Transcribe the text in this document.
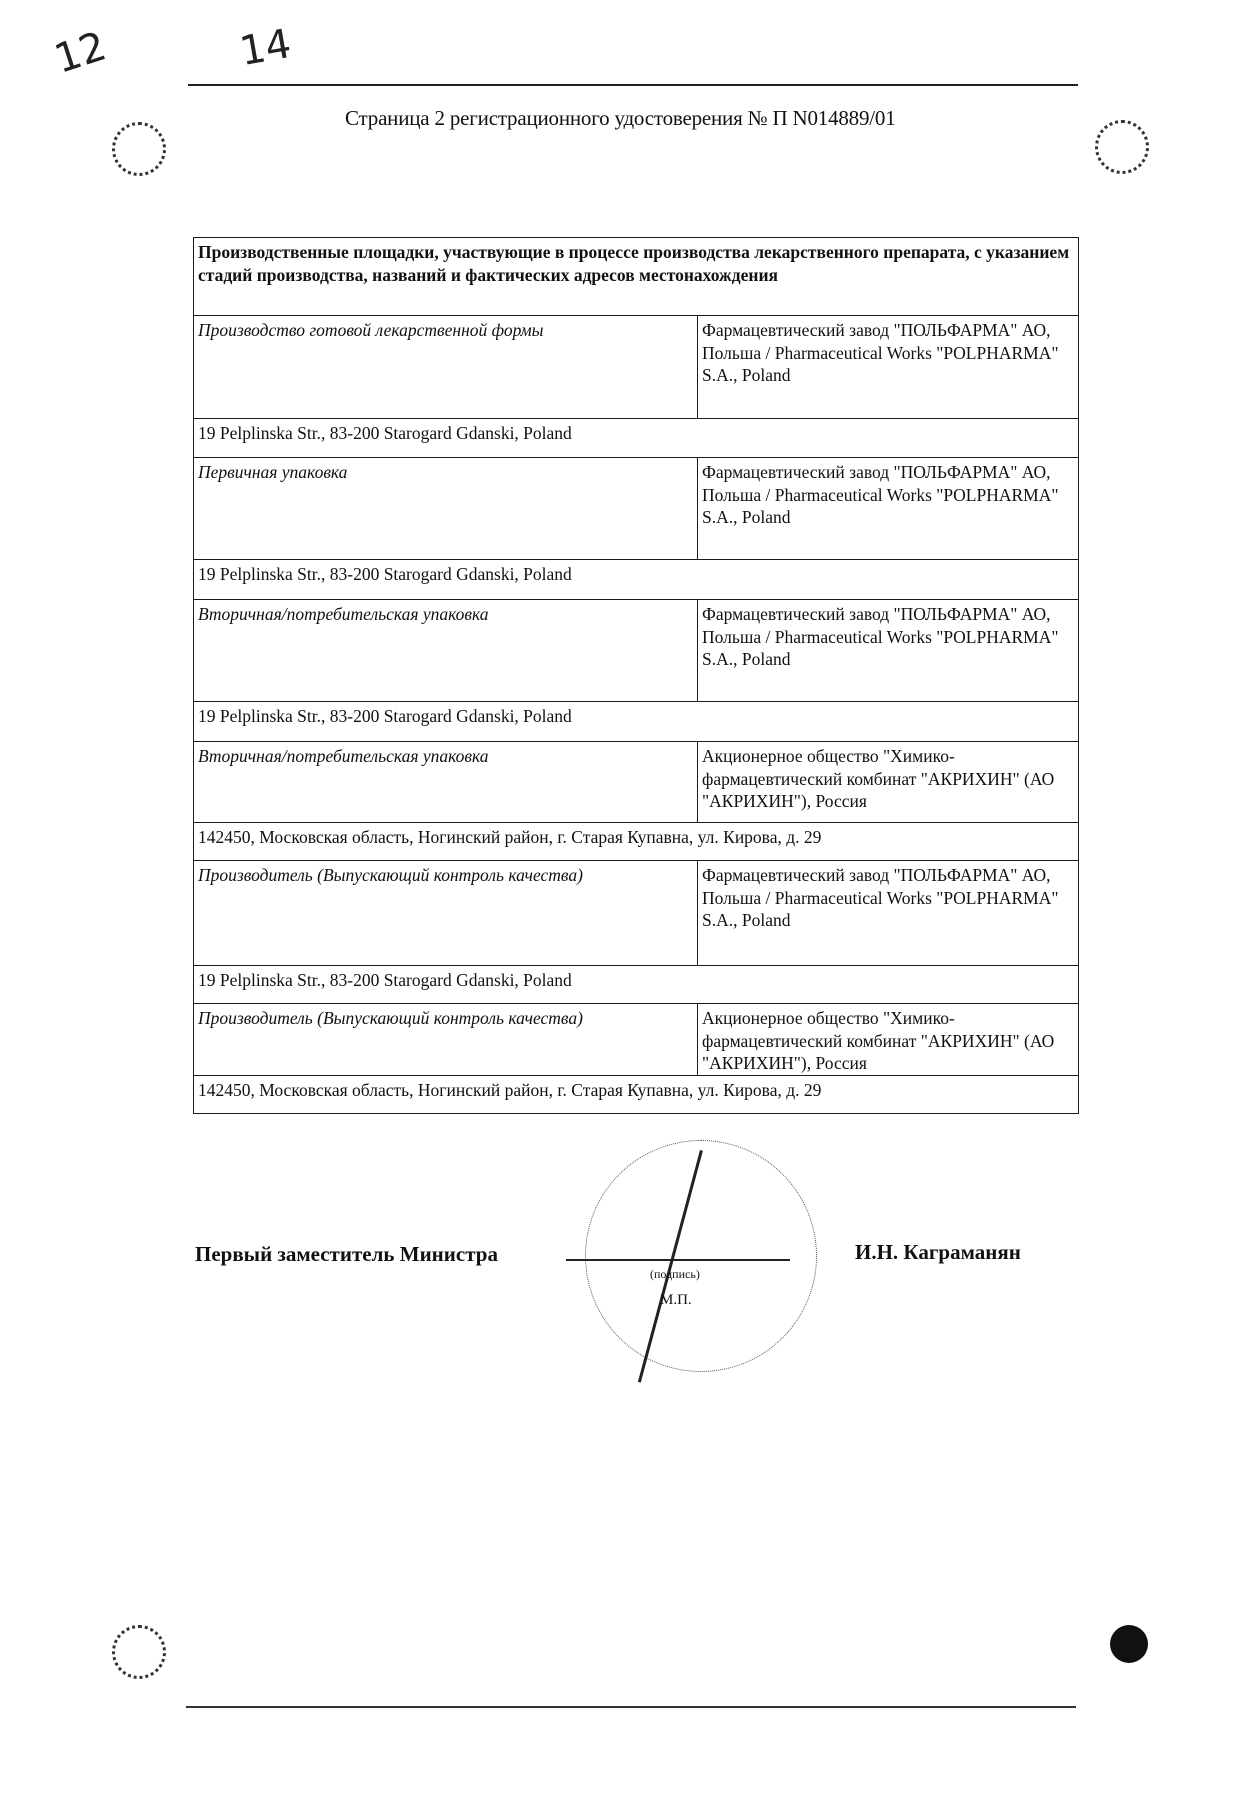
12	14
Страница 2 регистрационного удостоверения № П N014889/01
Производственные площадки, участвующие в процессе производства лекарственного препарата, с указанием стадий производства, названий и фактических адресов местонахождения	
Производство готовой лекарственной формы	Фармацевтический завод "ПОЛЬФАРМА" АО, Польша / Pharmaceutical Works "POLPHARMA" S.A., Poland
19 Pelplinska Str., 83-200 Starogard Gdanski, Poland	
Первичная упаковка	Фармацевтический завод "ПОЛЬФАРМА" АО, Польша / Pharmaceutical Works "POLPHARMA" S.A., Poland
19 Pelplinska Str., 83-200 Starogard Gdanski, Poland	
Вторичная/потребительская упаковка	Фармацевтический завод "ПОЛЬФАРМА" АО, Польша / Pharmaceutical Works "POLPHARMA" S.A., Poland
19 Pelplinska Str., 83-200 Starogard Gdanski, Poland	
Вторичная/потребительская упаковка	Акционерное общество "Химико-фармацевтический комбинат "АКРИХИН" (АО "АКРИХИН"), Россия
142450, Московская область, Ногинский район, г. Старая Купавна, ул. Кирова, д. 29	
Производитель (Выпускающий контроль качества)	Фармацевтический завод "ПОЛЬФАРМА" АО, Польша / Pharmaceutical Works "POLPHARMA" S.A., Poland
19 Pelplinska Str., 83-200 Starogard Gdanski, Poland	
Производитель (Выпускающий контроль качества)	Акционерное общество "Химико-фармацевтический комбинат "АКРИХИН" (АО "АКРИХИН"), Россия
142450, Московская область, Ногинский район, г. Старая Купавна, ул. Кирова, д. 29	
Первый заместитель Министра
(подпись)
М.П.
И.Н. Каграманян
